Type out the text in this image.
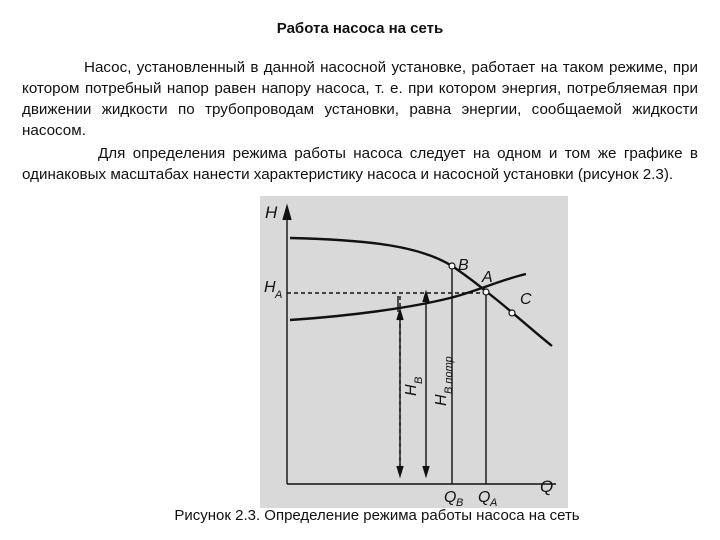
Работа насоса на сеть
Насос, установленный в данной насосной установке, работает на таком режиме, при котором потребный напор равен напору насоса, т. е. при котором энергия, потребляемая при движении жидкости по трубопроводам установки, равна энергии, сообщаемой жидкости насосом.
Для определения режима работы насоса следует на одном и том же графике в одинаковых масштабах нанести характеристику насоса и насосной установки (рисунок 2.3).
H
Q
H A
B
A
C
H
B
H
B потр
Q B Q A
Рисунок 2.3. Определение режима работы насоса на сеть
